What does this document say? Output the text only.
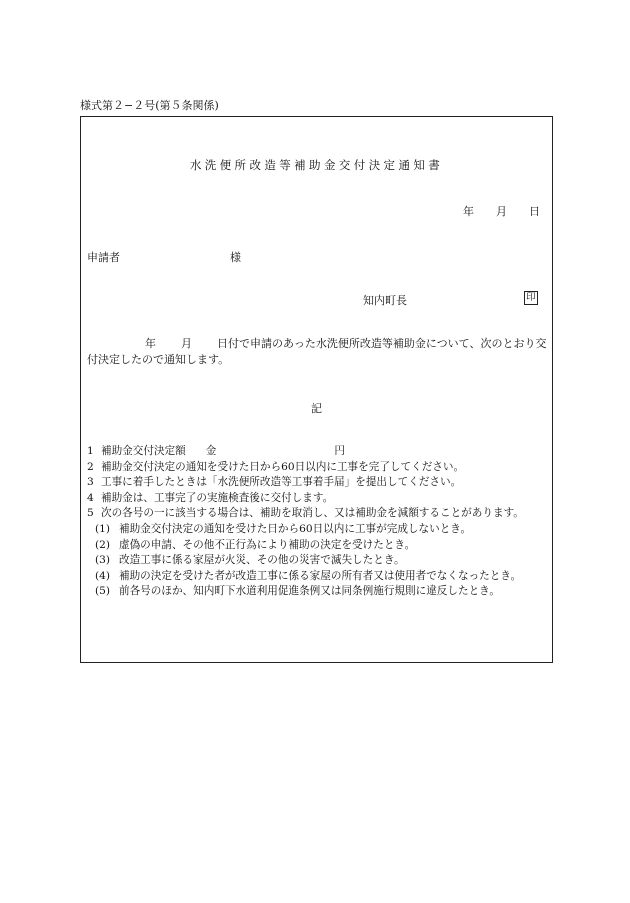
様式第２−２号(第５条関係)
水洗便所改造等補助金交付決定通知書
年 月 日
申請者	様
知内町長	印
年 月 日付で申請のあった水洗便所改造等補助金について、次のとおり交付決定したので通知します。
記
1 補助金交付決定額 金	円
2 補助金交付決定の通知を受けた日から60日以内に工事を完了してください。
3 工事に着手したときは「水洗便所改造等工事着手届」を提出してください。
4 補助金は、工事完了の実施検査後に交付します。
5 次の各号の一に該当する場合は、補助を取消し、又は補助金を減額することがあります。
(1) 補助金交付決定の通知を受けた日から60日以内に工事が完成しないとき。
(2) 虚偽の申請、その他不正行為により補助の決定を受けたとき。
(3) 改造工事に係る家屋が火災、その他の災害で滅失したとき。
(4) 補助の決定を受けた者が改造工事に係る家屋の所有者又は使用者でなくなったとき。
(5) 前各号のほか、知内町下水道利用促進条例又は同条例施行規則に違反したとき。
